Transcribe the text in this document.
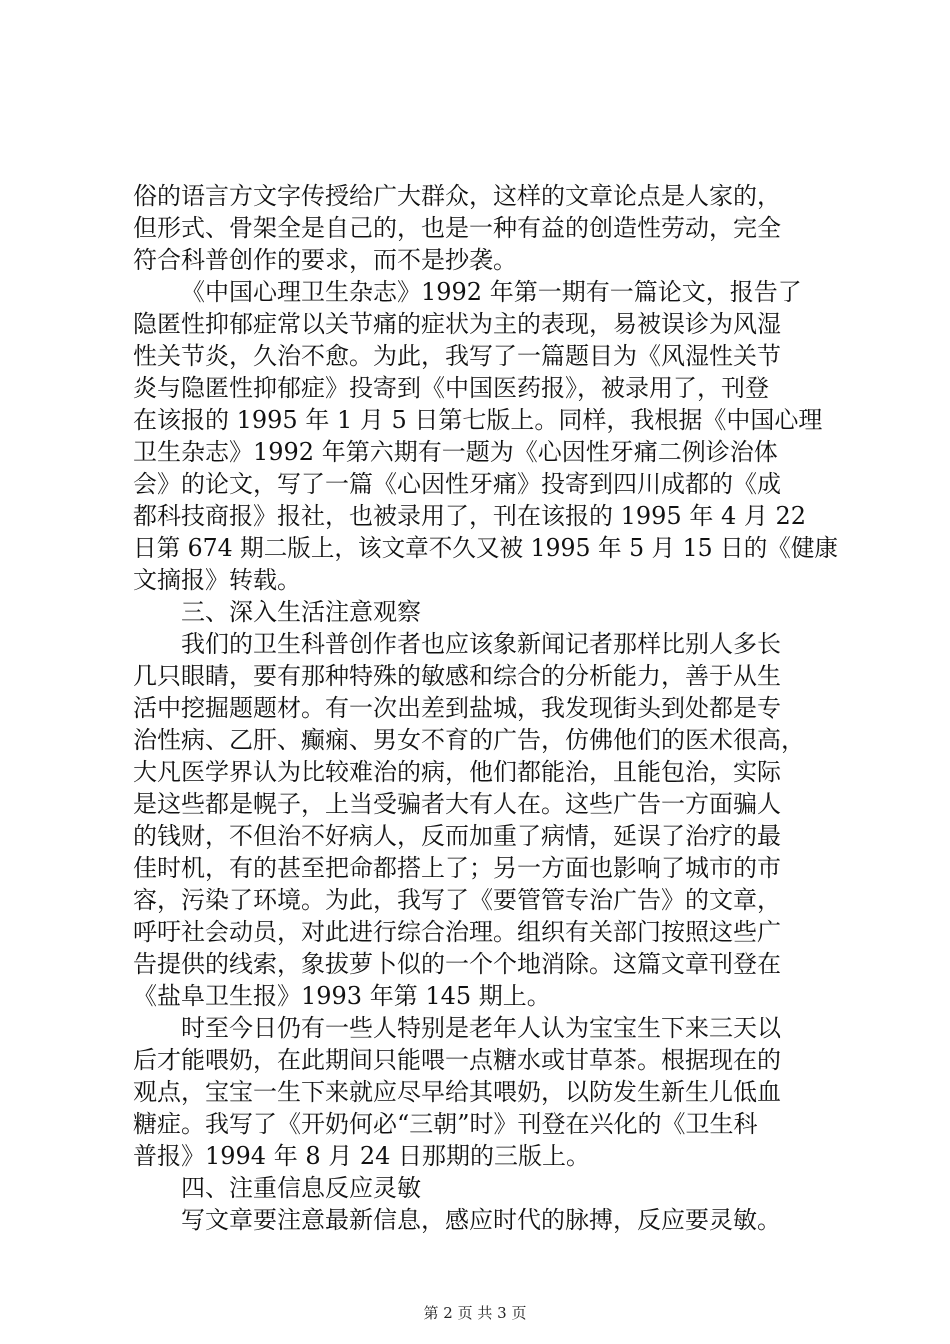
俗的语言方文字传授给广大群众，这样的文章论点是人家的，
但形式、骨架全是自己的，也是一种有益的创造性劳动，完全
符合科普创作的要求，而不是抄袭。
《中国心理卫生杂志》1992 年第一期有一篇论文，报告了
隐匿性抑郁症常以关节痛的症状为主的表现，易被误诊为风湿
性关节炎，久治不愈。为此，我写了一篇题目为《风湿性关节
炎与隐匿性抑郁症》投寄到《中国医药报》，被录用了，刊登
在该报的 1995 年 1 月 5 日第七版上。同样，我根据《中国心理
卫生杂志》1992 年第六期有一题为《心因性牙痛二例诊治体
会》的论文，写了一篇《心因性牙痛》投寄到四川成都的《成
都科技商报》报社，也被录用了，刊在该报的 1995 年 4 月 22
日第 674 期二版上，该文章不久又被 1995 年 5 月 15 日的《健康
文摘报》转载。
三、深入生活注意观察
我们的卫生科普创作者也应该象新闻记者那样比别人多长
几只眼睛，要有那种特殊的敏感和综合的分析能力，善于从生
活中挖掘题题材。有一次出差到盐城，我发现街头到处都是专
治性病、乙肝、癫痫、男女不育的广告，仿佛他们的医术很高，
大凡医学界认为比较难治的病，他们都能治，且能包治，实际
是这些都是幌子，上当受骗者大有人在。这些广告一方面骗人
的钱财，不但治不好病人，反而加重了病情，延误了治疗的最
佳时机，有的甚至把命都搭上了；另一方面也影响了城市的市
容，污染了环境。为此，我写了《要管管专治广告》的文章，
呼吁社会动员，对此进行综合治理。组织有关部门按照这些广
告提供的线索，象拔萝卜似的一个个地消除。这篇文章刊登在
《盐阜卫生报》1993 年第 145 期上。
时至今日仍有一些人特别是老年人认为宝宝生下来三天以
后才能喂奶，在此期间只能喂一点糖水或甘草茶。根据现在的
观点，宝宝一生下来就应尽早给其喂奶，以防发生新生儿低血
糖症。我写了《开奶何必“三朝”时》刊登在兴化的《卫生科
普报》1994 年 8 月 24 日那期的三版上。
四、注重信息反应灵敏
写文章要注意最新信息，感应时代的脉搏，反应要灵敏。
第 2 页 共 3 页
